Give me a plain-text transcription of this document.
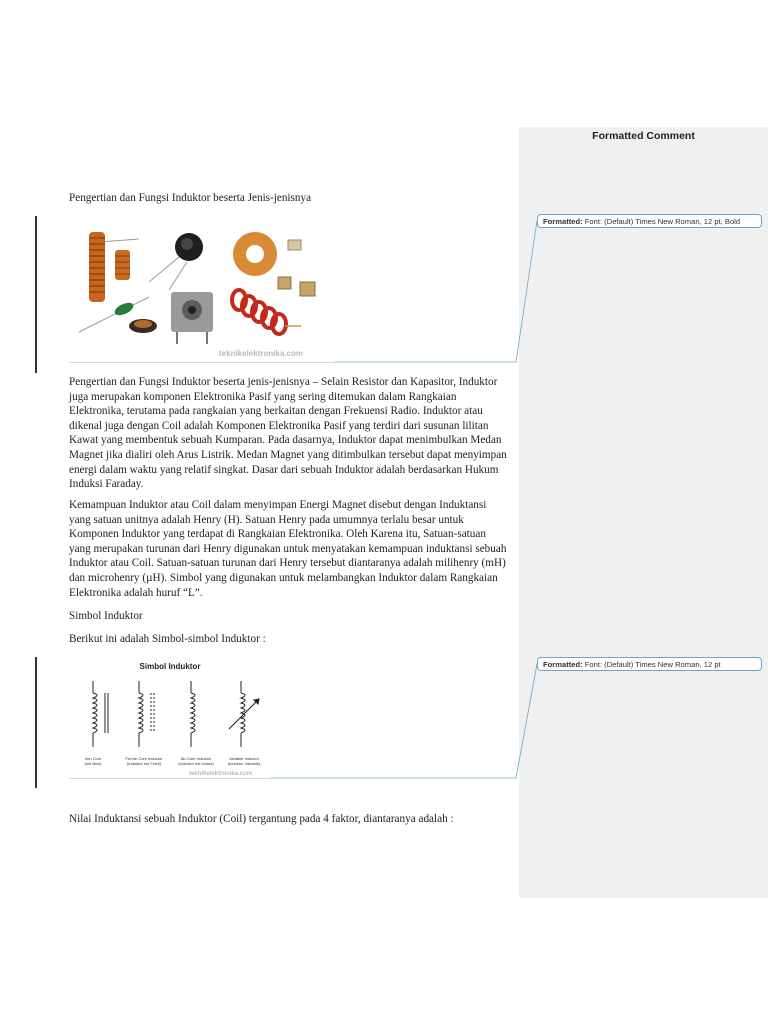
Formatted Comment
Formatted: Font: (Default) Times New Roman, 12 pt, Bold
Formatted: Font: (Default) Times New Roman, 12 pt

Pengertian dan Fungsi Induktor beserta Jenis-jenisnya

teknikelektronika.com

Pengertian dan Fungsi Induktor beserta jenis-jenisnya – Selain Resistor dan Kapasitor, Induktor juga merupakan komponen Elektronika Pasif yang sering ditemukan dalam Rangkaian Elektronika, terutama pada rangkaian yang berkaitan dengan Frekuensi Radio. Induktor atau dikenal juga dengan Coil adalah Komponen Elektronika Pasif yang terdiri dari susunan lilitan Kawat yang membentuk sebuah Kumparan. Pada dasarnya, Induktor dapat menimbulkan Medan Magnet jika dialiri oleh Arus Listrik. Medan Magnet yang ditimbulkan tersebut dapat menyimpan energi dalam waktu yang relatif singkat. Dasar dari sebuah Induktor adalah berdasarkan Hukum Induksi Faraday.

Kemampuan Induktor atau Coil dalam menyimpan Energi Magnet disebut dengan Induktansi yang satuan unitnya adalah Henry (H). Satuan Henry pada umumnya terlalu besar untuk Komponen Induktor yang terdapat di Rangkaian Elektronika. Oleh Karena itu, Satuan-satuan yang merupakan turunan dari Henry digunakan untuk menyatakan kemampuan induktansi sebuah Induktor atau Coil. Satuan-satuan turunan dari Henry tersebut diantaranya adalah milihenry (mH) dan microhenry (µH). Simbol yang digunakan untuk melambangkan Induktor dalam Rangkaian Elektronika adalah huruf “L”.

Simbol Induktor

Berikut ini adalah Simbol-simbol Induktor :

Simbol Induktor
Iron Core
(Inti Besi)
Ferrite Core Inductor
(Induktor Inti Ferrit)
Air-Core Inductor
(Induktor Inti Udara)
Variable Inductor
(Induktor Variable)
teknikelektronika.com

Nilai Induktansi sebuah Induktor (Coil) tergantung pada 4 faktor, diantaranya adalah :
